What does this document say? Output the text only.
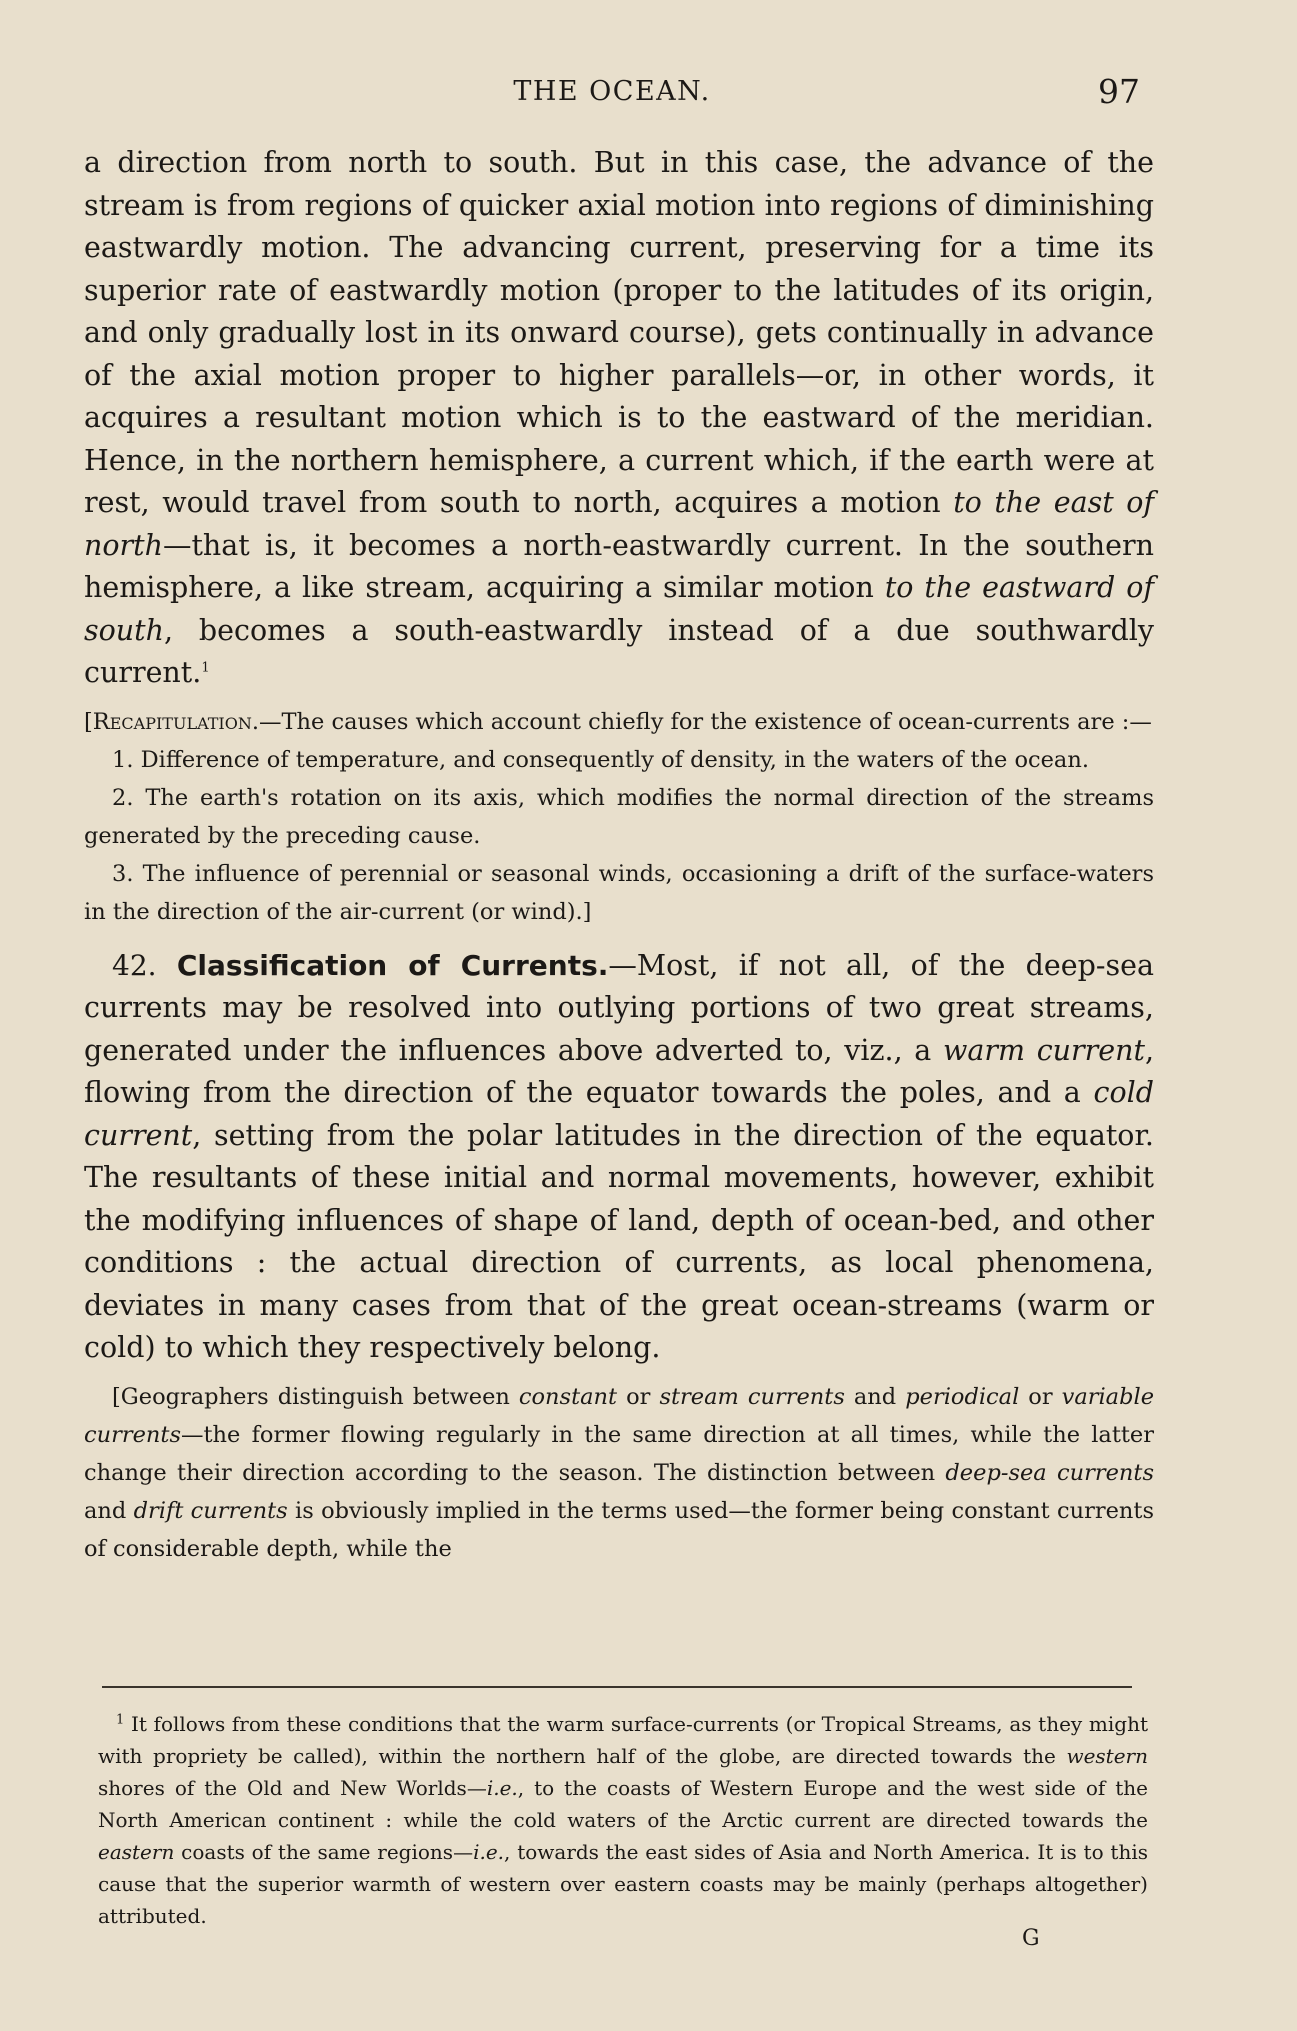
THE OCEAN.	97

a direction from north to south. But in this case, the advance of the stream is from regions of quicker axial motion into regions of diminishing eastwardly motion. The advancing current, preserving for a time its superior rate of eastwardly motion (proper to the latitudes of its origin, and only gradually lost in its onward course), gets continually in advance of the axial motion proper to higher parallels—or, in other words, it acquires a resultant motion which is to the eastward of the meridian. Hence, in the northern hemisphere, a current which, if the earth were at rest, would travel from south to north, acquires a motion to the east of north—that is, it becomes a north-eastwardly current. In the southern hemisphere, a like stream, acquiring a similar motion to the eastward of south, becomes a south-eastwardly instead of a due southwardly current.$^1$

[Recapitulation.—The causes which account chiefly for the existence of ocean-currents are :—

1. Difference of temperature, and consequently of density, in the waters of the ocean.

2. The earth's rotation on its axis, which modifies the normal direction of the streams generated by the preceding cause.

3. The influence of perennial or seasonal winds, occasioning a drift of the surface-waters in the direction of the air-current (or wind).]

42. Classification of Currents.—Most, if not all, of the deep-sea currents may be resolved into outlying portions of two great streams, generated under the influences above adverted to, viz., a warm current, flowing from the direction of the equator towards the poles, and a cold current, setting from the polar latitudes in the direction of the equator. The resultants of these initial and normal movements, however, exhibit the modifying influences of shape of land, depth of ocean-bed, and other conditions : the actual direction of currents, as local phenomena, deviates in many cases from that of the great ocean-streams (warm or cold) to which they respectively belong.

[Geographers distinguish between constant or stream currents and periodical or variable currents—the former flowing regularly in the same direction at all times, while the latter change their direction according to the season. The distinction between deep-sea currents and drift currents is obviously implied in the terms used—the former being constant currents of considerable depth, while the

$^1$ It follows from these conditions that the warm surface-currents (or Tropical Streams, as they might with propriety be called), within the northern half of the globe, are directed towards the western shores of the Old and New Worlds—i.e., to the coasts of Western Europe and the west side of the North American continent : while the cold waters of the Arctic current are directed towards the eastern coasts of the same regions—i.e., towards the east sides of Asia and North America. It is to this cause that the superior warmth of western over eastern coasts may be mainly (perhaps altogether) attributed.

G
